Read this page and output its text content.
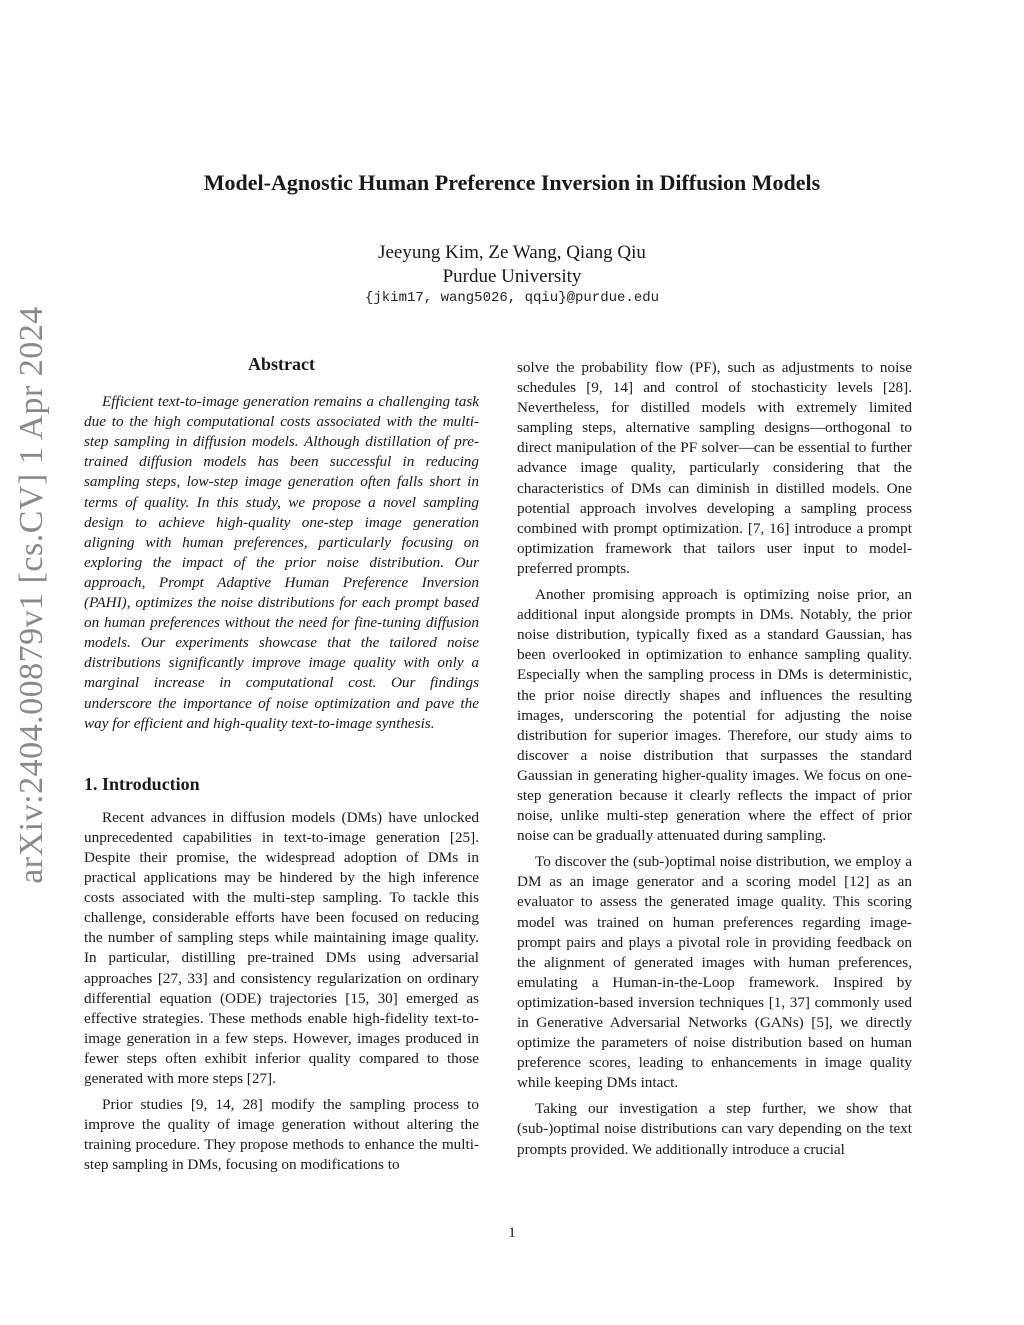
arXiv:2404.00879v1 [cs.CV] 1 Apr 2024
Model-Agnostic Human Preference Inversion in Diffusion Models
Jeeyung Kim, Ze Wang, Qiang Qiu
Purdue University
{jkim17, wang5026, qqiu}@purdue.edu

Abstract

Efficient text-to-image generation remains a challenging task due to the high computational costs associated with the multi-step sampling in diffusion models. Although distillation of pre-trained diffusion models has been successful in reducing sampling steps, low-step image generation often falls short in terms of quality. In this study, we propose a novel sampling design to achieve high-quality one-step image generation aligning with human preferences, particularly focusing on exploring the impact of the prior noise distribution. Our approach, Prompt Adaptive Human Preference Inversion (PAHI), optimizes the noise distributions for each prompt based on human preferences without the need for fine-tuning diffusion models. Our experiments showcase that the tailored noise distributions significantly improve image quality with only a marginal increase in computational cost. Our findings underscore the importance of noise optimization and pave the way for efficient and high-quality text-to-image synthesis.

1. Introduction

Recent advances in diffusion models (DMs) have unlocked unprecedented capabilities in text-to-image generation [25]. Despite their promise, the widespread adoption of DMs in practical applications may be hindered by the high inference costs associated with the multi-step sampling. To tackle this challenge, considerable efforts have been focused on reducing the number of sampling steps while maintaining image quality. In particular, distilling pre-trained DMs using adversarial approaches [27, 33] and consistency regularization on ordinary differential equation (ODE) trajectories [15, 30] emerged as effective strategies. These methods enable high-fidelity text-to-image generation in a few steps. However, images produced in fewer steps often exhibit inferior quality compared to those generated with more steps [27].

Prior studies [9, 14, 28] modify the sampling process to improve the quality of image generation without altering the training procedure. They propose methods to enhance the multi-step sampling in DMs, focusing on modifications to

solve the probability flow (PF), such as adjustments to noise schedules [9, 14] and control of stochasticity levels [28]. Nevertheless, for distilled models with extremely limited sampling steps, alternative sampling designs—orthogonal to direct manipulation of the PF solver—can be essential to further advance image quality, particularly considering that the characteristics of DMs can diminish in distilled models. One potential approach involves developing a sampling process combined with prompt optimization. [7, 16] introduce a prompt optimization framework that tailors user input to model-preferred prompts.

Another promising approach is optimizing noise prior, an additional input alongside prompts in DMs. Notably, the prior noise distribution, typically fixed as a standard Gaussian, has been overlooked in optimization to enhance sampling quality. Especially when the sampling process in DMs is deterministic, the prior noise directly shapes and influences the resulting images, underscoring the potential for adjusting the noise distribution for superior images. Therefore, our study aims to discover a noise distribution that surpasses the standard Gaussian in generating higher-quality images. We focus on one-step generation because it clearly reflects the impact of prior noise, unlike multi-step generation where the effect of prior noise can be gradually attenuated during sampling.

To discover the (sub-)optimal noise distribution, we employ a DM as an image generator and a scoring model [12] as an evaluator to assess the generated image quality. This scoring model was trained on human preferences regarding image-prompt pairs and plays a pivotal role in providing feedback on the alignment of generated images with human preferences, emulating a Human-in-the-Loop framework. Inspired by optimization-based inversion techniques [1, 37] commonly used in Generative Adversarial Networks (GANs) [5], we directly optimize the parameters of noise distribution based on human preference scores, leading to enhancements in image quality while keeping DMs intact.

Taking our investigation a step further, we show that (sub-)optimal noise distributions can vary depending on the text prompts provided. We additionally introduce a crucial

1
